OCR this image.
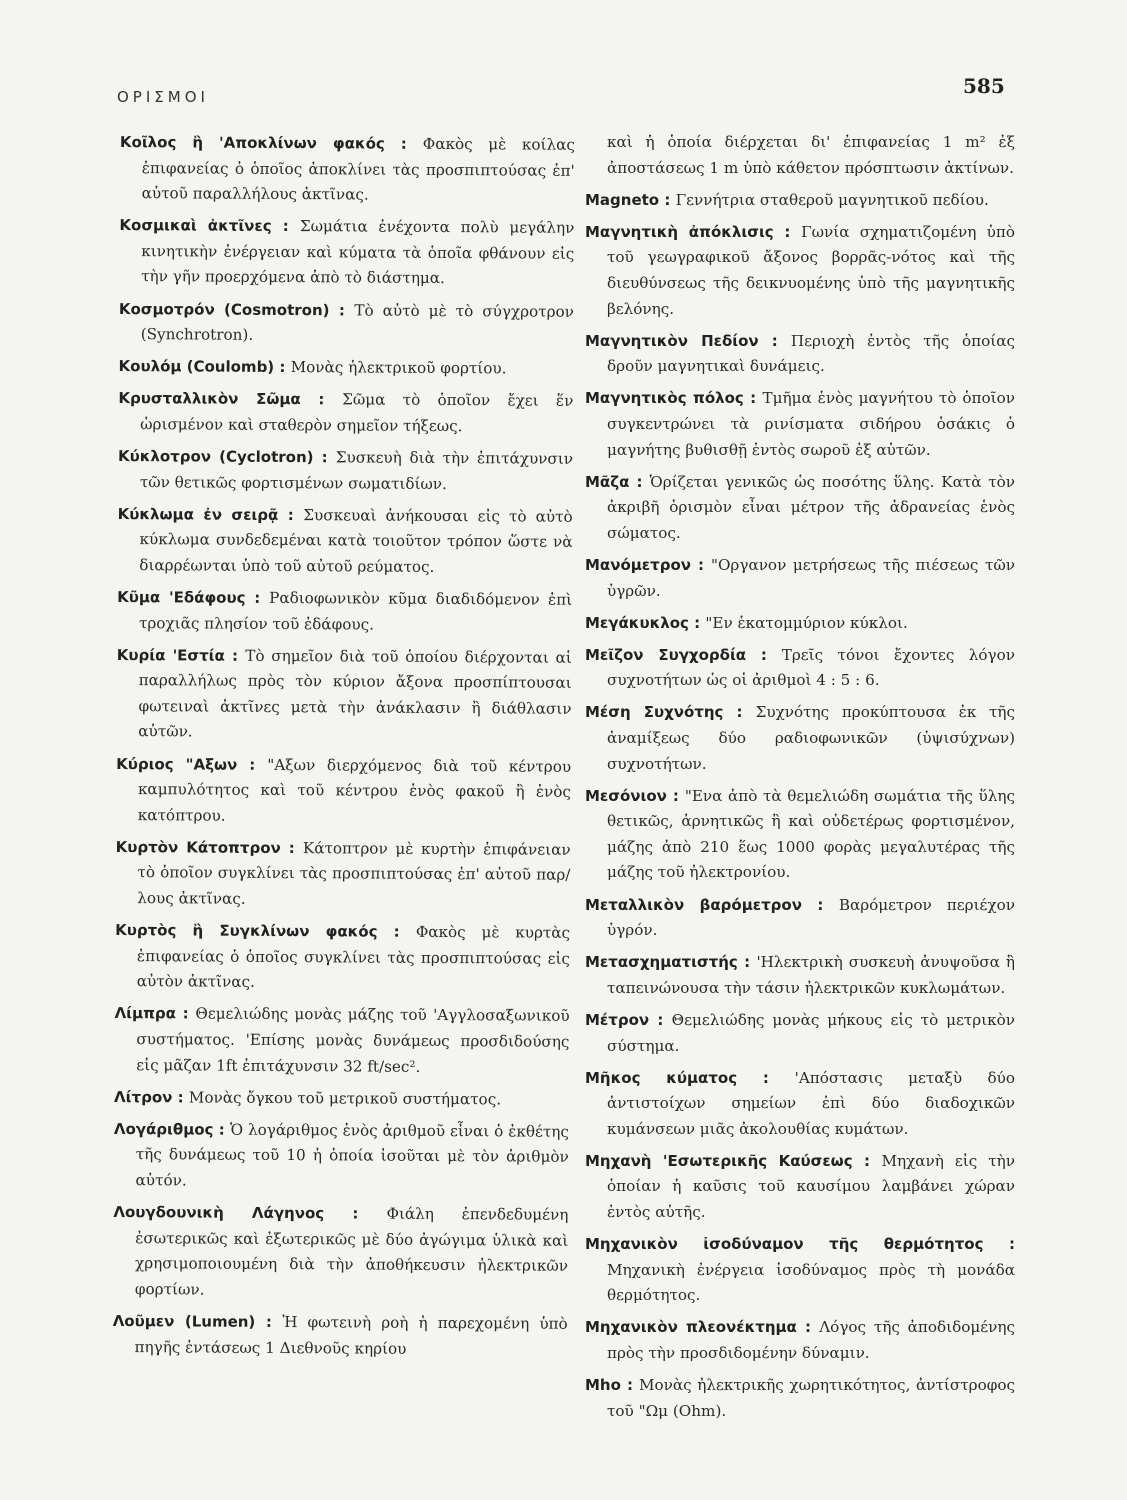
ΟΡΙΣΜΟΙ	585

Κοῖλος ἢ 'Αποκλίνων φακός : Φακὸς μὲ κοίλας ἐπιφανείας ὁ ὁποῖος ἀποκλίνει τὰς προσπιπτούσας ἐπ' αὐτοῦ παραλλήλους ἀκτῖνας.

Κοσμικαὶ ἀκτῖνες : Σωμάτια ἐνέχοντα πολὺ μεγάλην κινητικὴν ἐνέργειαν καὶ κύματα τὰ ὁποῖα φθάνουν εἰς τὴν γῆν προερχόμενα ἀπὸ τὸ διάστημα.

Κοσμοτρόν (Cosmotron) : Τὸ αὐτὸ μὲ τὸ σύγχροτρον (Synchrotron).

Κουλόμ (Coulomb) : Μονὰς ἠλεκτρικοῦ φορτίου.

Κρυσταλλικὸν Σῶμα :	Σῶμα τὸ ὁποῖον ἔχει ἕν ὡρισμένον καὶ σταθερὸν σημεῖον τήξεως.

Κύκλοτρον (Cyclotron) : Συσκευὴ διὰ τὴν ἐπιτάχυνσιν τῶν θετικῶς φορτισμένων σωματιδίων.

Κύκλωμα ἐν σειρᾷ : Συσκευαὶ ἀνήκουσαι εἰς τὸ αὐτὸ κύκλωμα συνδεδεμέναι κατὰ τοιοῦτον τρόπον ὥστε νὰ διαρρέωνται ὑπὸ τοῦ αὐτοῦ ρεύματος.

Κῦμα 'Εδάφους : Ραδιοφωνικὸν κῦμα διαδιδόμενον ἐπὶ τροχιᾶς πλησίον τοῦ ἐδάφους.

Κυρία 'Εστία : Τὸ σημεῖον διὰ τοῦ ὁποίου διέρχονται αἱ παραλλήλως πρὸς τὸν κύριον ἄξονα προσπίπτουσαι φωτειναὶ ἀκτῖνες μετὰ τὴν ἀνάκλασιν ἢ διάθλασιν αὐτῶν.

Κύριος "Αξων : "Αξων διερχόμενος διὰ τοῦ κέντρου καμπυλότητος καὶ τοῦ κέντρου ἑνὸς φακοῦ ἢ ἑνὸς κατόπτρου.

Κυρτὸν Κάτοπτρον : Κάτοπτρον μὲ κυρτὴν ἐπιφάνειαν τὸ ὁποῖον συγκλίνει τὰς προσπιπτούσας ἐπ' αὐτοῦ παρ/λους ἀκτῖνας.

Κυρτὸς ἢ Συγκλίνων φακός :	Φακὸς μὲ κυρτὰς ἐπιφανείας ὁ ὁποῖος συγκλίνει τὰς προσπιπτούσας εἰς αὐτὸν ἀκτῖνας.

Λίμπρα : Θεμελιώδης μονὰς μάζης τοῦ 'Αγγλοσαξωνικοῦ συστήματος. 'Επίσης μονὰς δυνάμεως προσδιδούσης εἰς μᾶζαν 1ft ἐπιτάχυνσιν 32 ft/sec².

Λίτρον : Μονὰς ὄγκου τοῦ μετρικοῦ συστήματος.

Λογάριθμος : Ὁ λογάριθμος ἑνὸς ἀριθμοῦ εἶναι ὁ ἐκθέτης τῆς δυνάμεως τοῦ 10 ἡ ὁποία ἰσοῦται μὲ τὸν ἀριθμὸν αὐτόν.

Λουγδουνικὴ Λάγηνος :	Φιάλη ἐπενδεδυμένη ἐσωτερικῶς καὶ ἐξωτερικῶς μὲ δύο ἀγώγιμα ὑλικὰ καὶ χρησιμοποιουμένη διὰ τὴν ἀποθήκευσιν ἠλεκτρικῶν φορτίων.

Λοῦμεν (Lumen) : Ἡ φωτεινὴ ροὴ ἡ παρεχομένη ὑπὸ πηγῆς ἐντάσεως 1 Διεθνοῦς κηρίου

καὶ ἡ ὁποία διέρχεται δι' ἐπιφανείας 1 m² ἐξ ἀποστάσεως 1 m ὑπὸ κάθετον πρόσπτωσιν ἀκτίνων.

Magneto : Γεννήτρια σταθεροῦ μαγνητικοῦ πεδίου.

Μαγνητικὴ ἀπόκλισις : Γωνία σχηματιζομένη ὑπὸ τοῦ γεωγραφικοῦ ἄξονος βορρᾶς-νότος καὶ τῆς διευθύνσεως τῆς δεικνυομένης ὑπὸ τῆς μαγνητικῆς βελόνης.

Μαγνητικὸν Πεδίον : Περιοχὴ ἐντὸς τῆς ὁποίας δροῦν μαγνητικαὶ δυνάμεις.

Μαγνητικὸς πόλος : Τμῆμα ἑνὸς μαγνήτου τὸ ὁποῖον συγκεντρώνει τὰ ρινίσματα σιδήρου ὁσάκις ὁ μαγνήτης βυθισθῇ ἐντὸς σωροῦ ἐξ αὐτῶν.

Μᾶζα : Ὁρίζεται γενικῶς ὡς ποσότης ὕλης. Κατὰ τὸν ἀκριβῆ ὁρισμὸν εἶναι μέτρον τῆς ἀδρανείας ἑνὸς σώματος.

Μανόμετρον : "Οργανον μετρήσεως τῆς πιέσεως τῶν ὑγρῶν.

Μεγάκυκλος : "Εν ἑκατομμύριον κύκλοι.

Μεῖζον Συγχορδία : Τρεῖς τόνοι ἔχοντες λόγον συχνοτήτων ὡς οἱ ἀριθμοὶ 4 : 5 : 6.

Μέση Συχνότης : Συχνότης προκύπτουσα ἐκ τῆς ἀναμίξεως δύο ραδιοφωνικῶν (ὑψισύχνων) συχνοτήτων.

Μεσόνιον : "Ενα ἀπὸ τὰ θεμελιώδη σωμάτια τῆς ὕλης θετικῶς, ἀρνητικῶς ἢ καὶ οὐδετέρως φορτισμένον, μάζης ἀπὸ 210 ἕως 1000 φορὰς μεγαλυτέρας τῆς μάζης τοῦ ἠλεκτρονίου.

Μεταλλικὸν βαρόμετρον : Βαρόμετρον περιέχον ὑγρόν.

Μετασχηματιστής : 'Ηλεκτρικὴ συσκευὴ ἀνυψοῦσα ἢ ταπεινώνουσα τὴν τάσιν ἠλεκτρικῶν κυκλωμάτων.

Μέτρον : Θεμελιώδης μονὰς μήκους εἰς τὸ μετρικὸν σύστημα.

Μῆκος κύματος :	'Απόστασις μεταξὺ δύο ἀντιστοίχων σημείων ἐπὶ δύο διαδοχικῶν κυμάνσεων μιᾶς ἀκολουθίας κυμάτων.

Μηχανὴ 'Εσωτερικῆς Καύσεως : Μηχανὴ εἰς τὴν ὁποίαν ἡ καῦσις τοῦ καυσίμου λαμβάνει χώραν ἐντὸς αὐτῆς.

Μηχανικὸν ἰσοδύναμον τῆς θερμότητος : Μηχανικὴ ἐνέργεια ἰσοδύναμος πρὸς τὴ μονάδα θερμότητος.

Μηχανικὸν πλεονέκτημα : Λόγος τῆς ἀποδιδομένης πρὸς τὴν προσδιδομένην δύναμιν.

Mho : Μονὰς ἠλεκτρικῆς χωρητικότητος, ἀντίστροφος τοῦ "Ωμ (Ohm).
